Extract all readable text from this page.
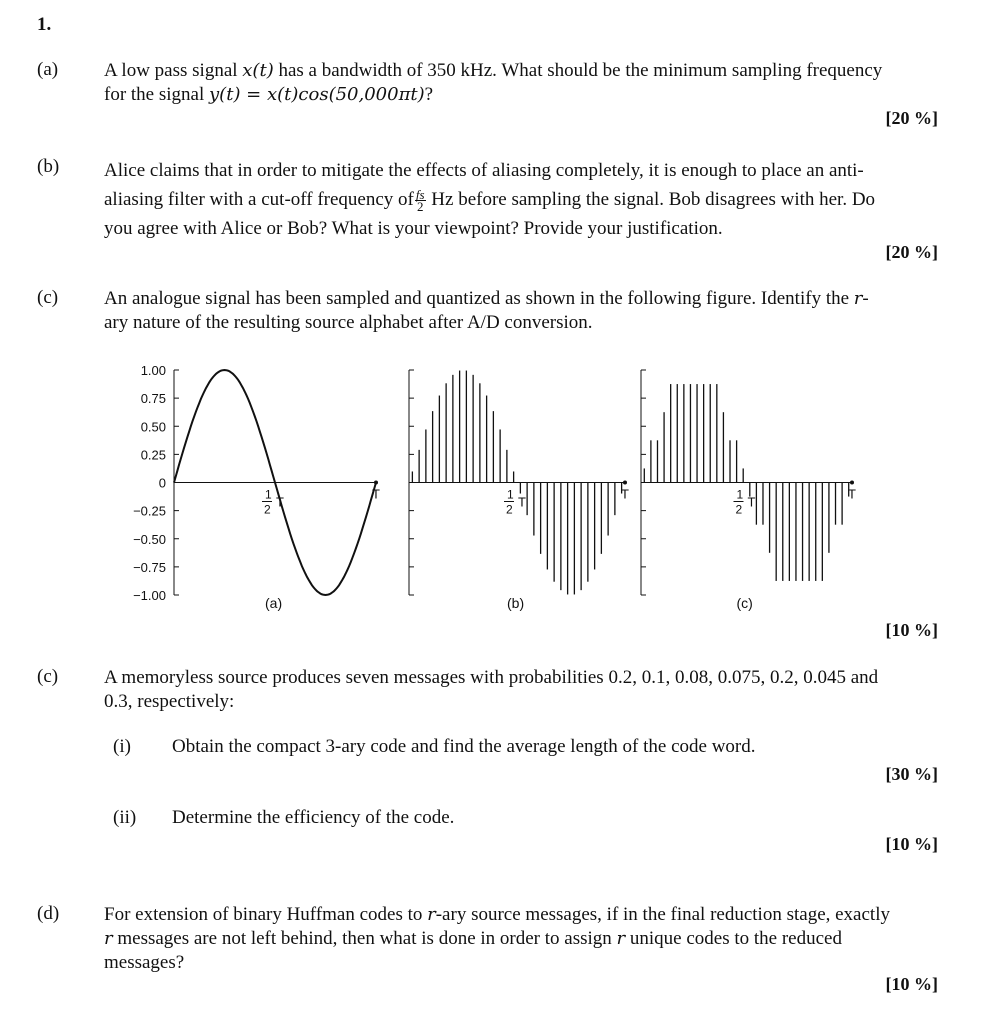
1.
(a) A low pass signal x(t) has a bandwidth of 350 kHz. What should be the minimum sampling frequency

for the signal y(t) = x(t)cos(50,000πt)?

[20 %]
(b) Alice claims that in order to mitigate the effects of aliasing completely, it is enough to place an anti-

aliasing filter with a cut-off frequency of $\frac{fs}{2}$ Hz before sampling the signal. Bob disagrees with her. Do

you agree with Alice or Bob? What is your viewpoint? Provide your justification.

[20 %]
(c) An analogue signal has been sampled and quantized as shown in the following figure. Identify the r-

ary nature of the resulting source alphabet after A/D conversion.

1.00
0.75
0.50
0.25
0
−0.25
−0.50
−0.75
−1.00
1
2 T
T
(a)
1
2 T
T
(b)
1
2 T
T
(c)
[10 %]
(c) A memoryless source produces seven messages with probabilities 0.2, 0.1, 0.08, 0.075, 0.2, 0.045 and

0.3, respectively:

(i) Obtain the compact 3-ary code and find the average length of the code word.
[30 %]
(ii) Determine the efficiency of the code.
[10 %]
(d) For extension of binary Huffman codes to r-ary source messages, if in the final reduction stage, exactly

r messages are not left behind, then what is done in order to assign r unique codes to the reduced

messages?

[10 %]
